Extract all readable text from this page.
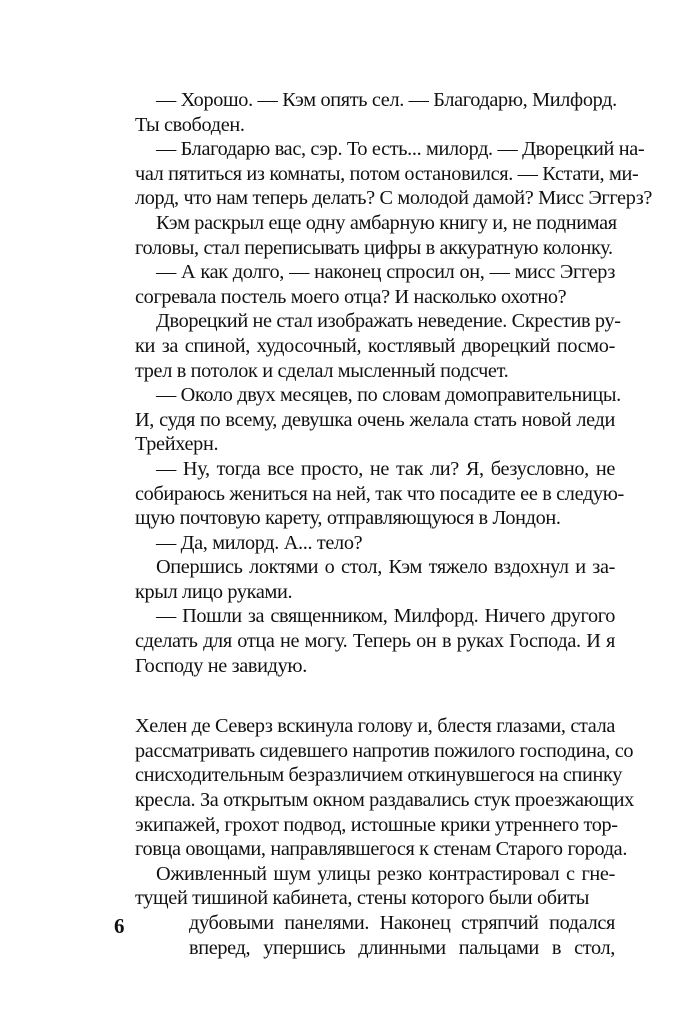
— Хорошо. — Кэм опять сел. — Благодарю, Милфорд.
Ты свободен.

— Благодарю вас, сэр. То есть... милорд. — Дворецкий на-
чал пятиться из комнаты, потом остановился. — Кстати, ми-
лорд, что нам теперь делать? С молодой дамой? Мисс Эггерз?

Кэм раскрыл еще одну амбарную книгу и, не поднимая
головы, стал переписывать цифры в аккуратную колонку.

— А как долго, — наконец спросил он, — мисс Эггерз
согревала постель моего отца? И насколько охотно?

Дворецкий не стал изображать неведение. Скрестив ру-
ки за спиной, худосочный, костлявый дворецкий посмо-
трел в потолок и сделал мысленный подсчет.

— Около двух месяцев, по словам домоправительницы.
И, судя по всему, девушка очень желала стать новой леди
Трейхерн.

— Ну, тогда все просто, не так ли? Я, безусловно, не
собираюсь жениться на ней, так что посадите ее в следую-
щую почтовую карету, отправляющуюся в Лондон.

— Да, милорд. А... тело?

Опершись локтями о стол, Кэм тяжело вздохнул и за-
крыл лицо руками.

— Пошли за священником, Милфорд. Ничего другого
сделать для отца не могу. Теперь он в руках Господа. И я
Господу не завидую.

Хелен де Северз вскинула голову и, блестя глазами, стала
рассматривать сидевшего напротив пожилого господина, со
снисходительным безразличием откинувшегося на спинку
кресла. За открытым окном раздавались стук проезжающих
экипажей, грохот подвод, истошные крики утреннего тор-
говца овощами, направлявшегося к стенам Старого города.

Оживленный шум улицы резко контрастировал с гне-
тущей тишиной кабинета, стены которого были обиты

дубовыми панелями. Наконец стряпчий подался
вперед, упершись длинными пальцами в стол,
6
